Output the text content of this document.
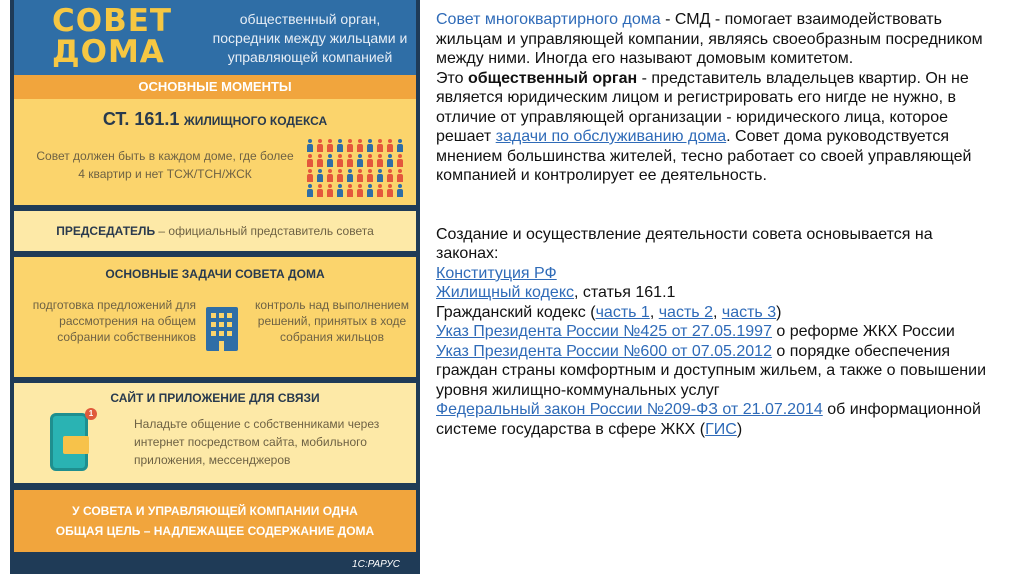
СОВЕТ ДОМА
общественный орган, посредник между жильцами и управляющей компанией
ОСНОВНЫЕ МОМЕНТЫ
СТ. 161.1 ЖИЛИЩНОГО КОДЕКСА
Совет должен быть в каждом доме, где более 4 квартир и нет ТСЖ/ТСН/ЖСК
ПРЕДСЕДАТЕЛЬ – официальный представитель совета
ОСНОВНЫЕ ЗАДАЧИ СОВЕТА ДОМА
подготовка предложений для рассмотрения на общем собрании собственников
контроль над выполнением решений, принятых в ходе собрания жильцов
САЙТ И ПРИЛОЖЕНИЕ ДЛЯ СВЯЗИ
1
Наладьте общение с собственниками через интернет посредством сайта, мобильного приложения, мессенджеров
У СОВЕТА И УПРАВЛЯЮЩЕЙ КОМПАНИИ ОДНА
ОБЩАЯ ЦЕЛЬ – НАДЛЕЖАЩЕЕ СОДЕРЖАНИЕ ДОМА
1С:РАРУС

Совет многоквартирного дома - СМД - помогает взаимодействовать

жильцам и управляющей компании, являясь своеобразным посредником

между ними. Иногда его называют домовым комитетом.

Это общественный орган - представитель владельцев квартир. Он не

является юридическим лицом и регистрировать его нигде не нужно, в

отличие от управляющей организации - юридического лица, которое

решает задачи по обслуживанию дома. Совет дома руководствуется

мнением большинства жителей, тесно работает со своей управляющей

компанией и контролирует ее деятельность.

Создание и осуществление деятельности совета основывается на

законах:

Конституция РФ

Жилищный кодекс, статья 161.1

Гражданский кодекс (часть 1, часть 2, часть 3)

Указ Президента России №425 от 27.05.1997 о реформе ЖКХ России

Указ Президента России №600 от 07.05.2012 о порядке обеспечения

граждан страны комфортным и доступным жильем, а также о повышении

уровня жилищно-коммунальных услуг

Федеральный закон России №209-ФЗ от 21.07.2014 об информационной

системе государства в сфере ЖКХ (ГИС)
